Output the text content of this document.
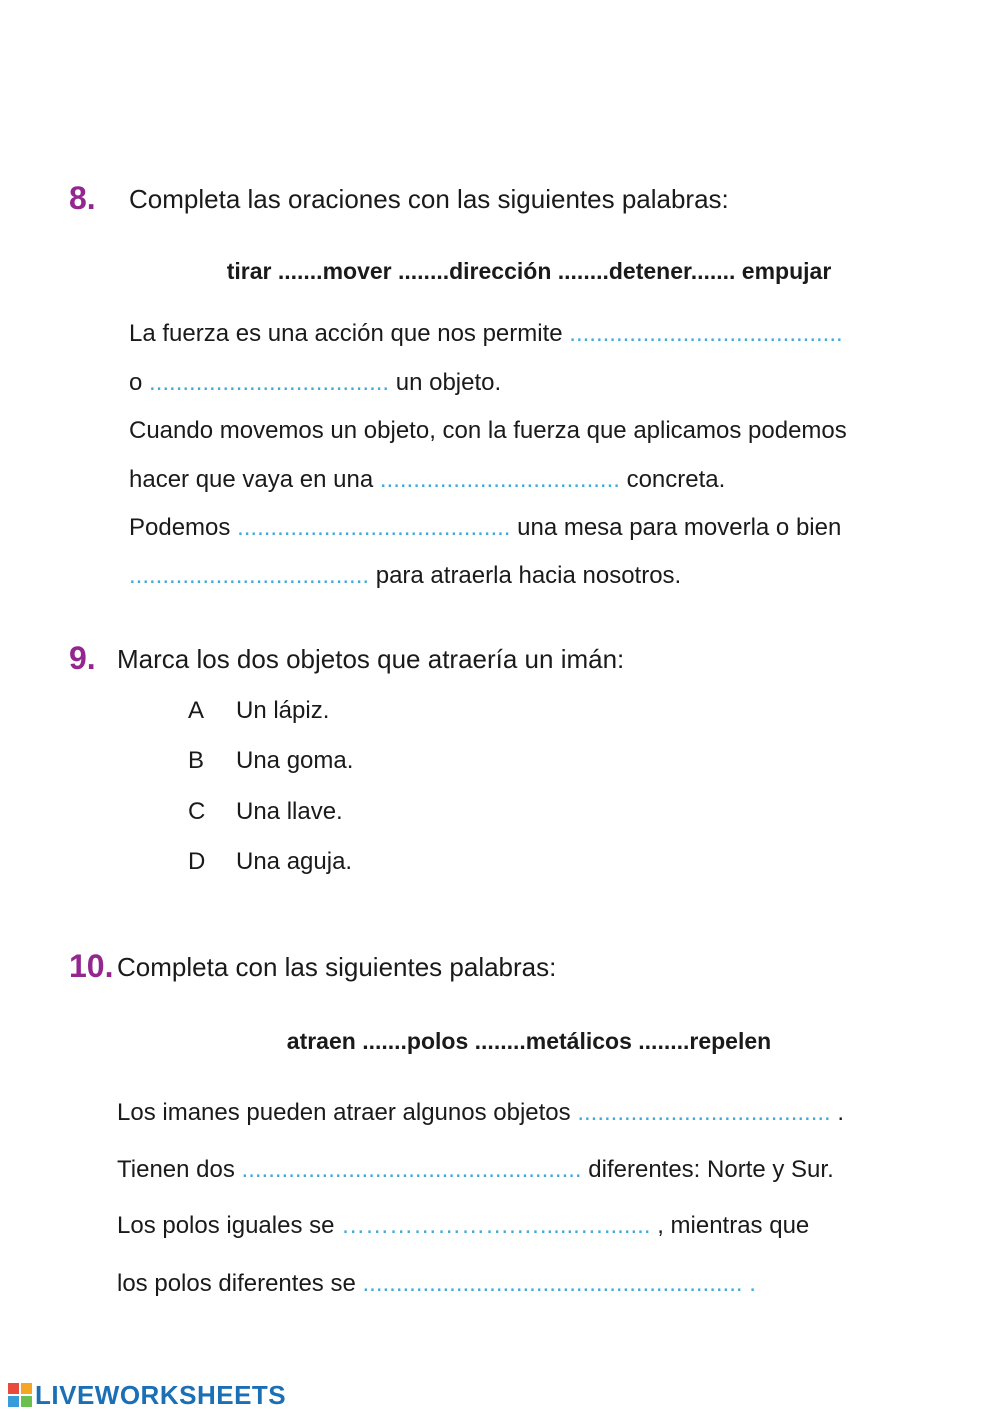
8. Completa las oraciones con las siguientes palabras:
tirar .......mover ........dirección ........detener....... empujar
La fuerza es una acción que nos permite .........................................
o .................................... un objeto.
Cuando movemos un objeto, con la fuerza que aplicamos podemos
hacer que vaya en una .................................... concreta.
Podemos ......................................... una mesa para moverla o bien
.................................... para atraerla hacia nosotros.
9. Marca los dos objetos que atraería un imán:
A Un lápiz.
B Una goma.
C Una llave.
D Una aguja.
10. Completa con las siguientes palabras:
atraen .......polos ........metálicos ........repelen
Los imanes pueden atraer algunos objetos ...................................... .
Tienen dos ................................................... diferentes: Norte y Sur.
Los polos iguales se ………………….…......…....... , mientras que
los polos diferentes se ......................................................... .
LIVEWORKSHEETS
